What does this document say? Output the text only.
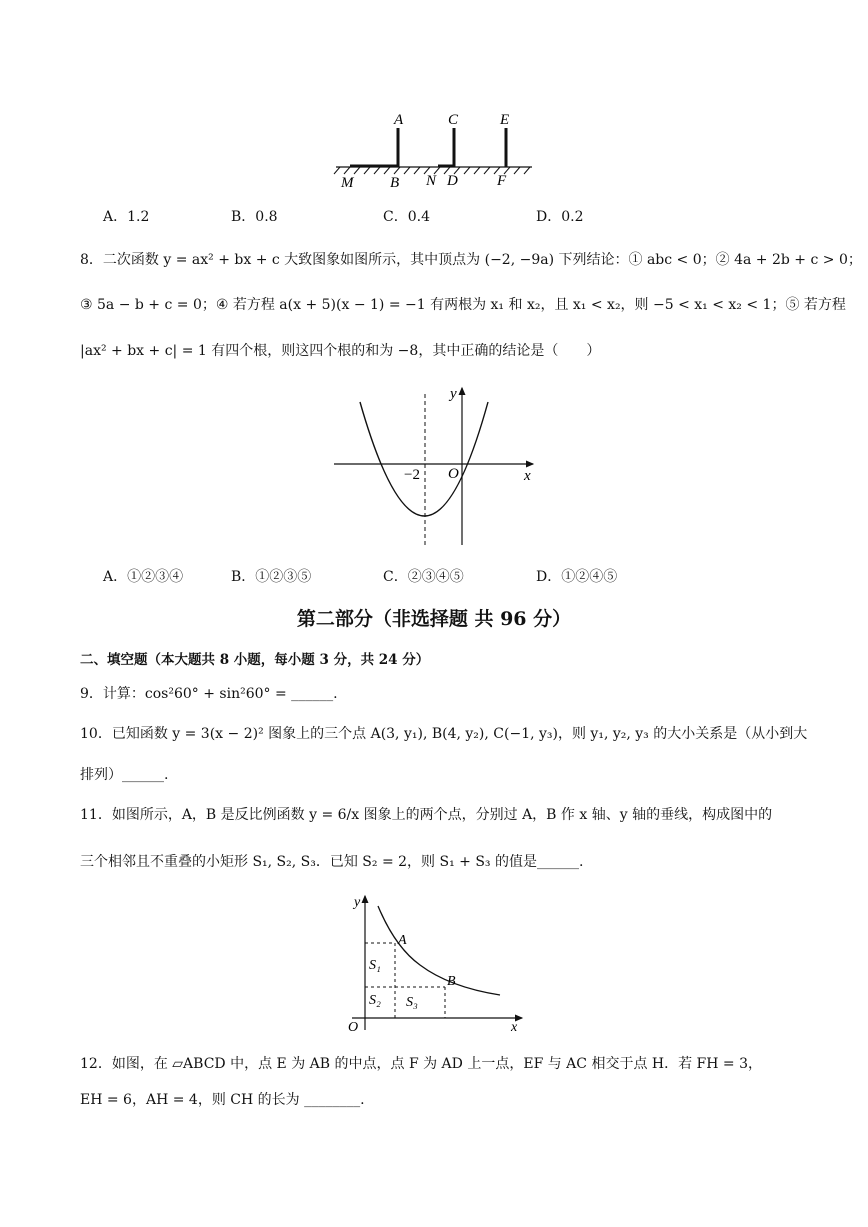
A	C	E
M B N D	F
A．1.2	B．0.8	C．0.4	D．0.2
8．二次函数 y = ax² + bx + c 大致图象如图所示，其中顶点为 (−2, −9a) 下列结论：① abc < 0；② 4a + 2b + c > 0；
③ 5a − b + c = 0；④ 若方程 a(x + 5)(x − 1) = −1 有两根为 x₁ 和 x₂，且 x₁ < x₂，则 −5 < x₁ < x₂ < 1；⑤ 若方程
|ax² + bx + c| = 1 有四个根，则这四个根的和为 −8，其中正确的结论是（　　）
y
x
O
−2
A．①②③④	B．①②③⑤	C．②③④⑤	D．①②④⑤
第二部分（非选择题 共 96 分）
二、填空题（本大题共 8 小题，每小题 3 分，共 24 分）
9．计算：cos²60° + sin²60° = ______.
10．已知函数 y = 3(x − 2)² 图象上的三个点 A(3, y₁), B(4, y₂), C(−1, y₃)，则 y₁, y₂, y₃ 的大小关系是（从小到大
排列）______.
11．如图所示，A，B 是反比例函数 y = 6/x 图象上的两个点，分别过 A，B 作 x 轴、y 轴的垂线，构成图中的
三个相邻且不重叠的小矩形 S₁, S₂, S₃．已知 S₂ = 2，则 S₁ + S₃ 的值是______.
y
x
O
A
B
S₁
S₂ S₃
12．如图，在 ▱ABCD 中，点 E 为 AB 的中点，点 F 为 AD 上一点，EF 与 AC 相交于点 H．若 FH = 3，
EH = 6，AH = 4，则 CH 的长为 ________.
